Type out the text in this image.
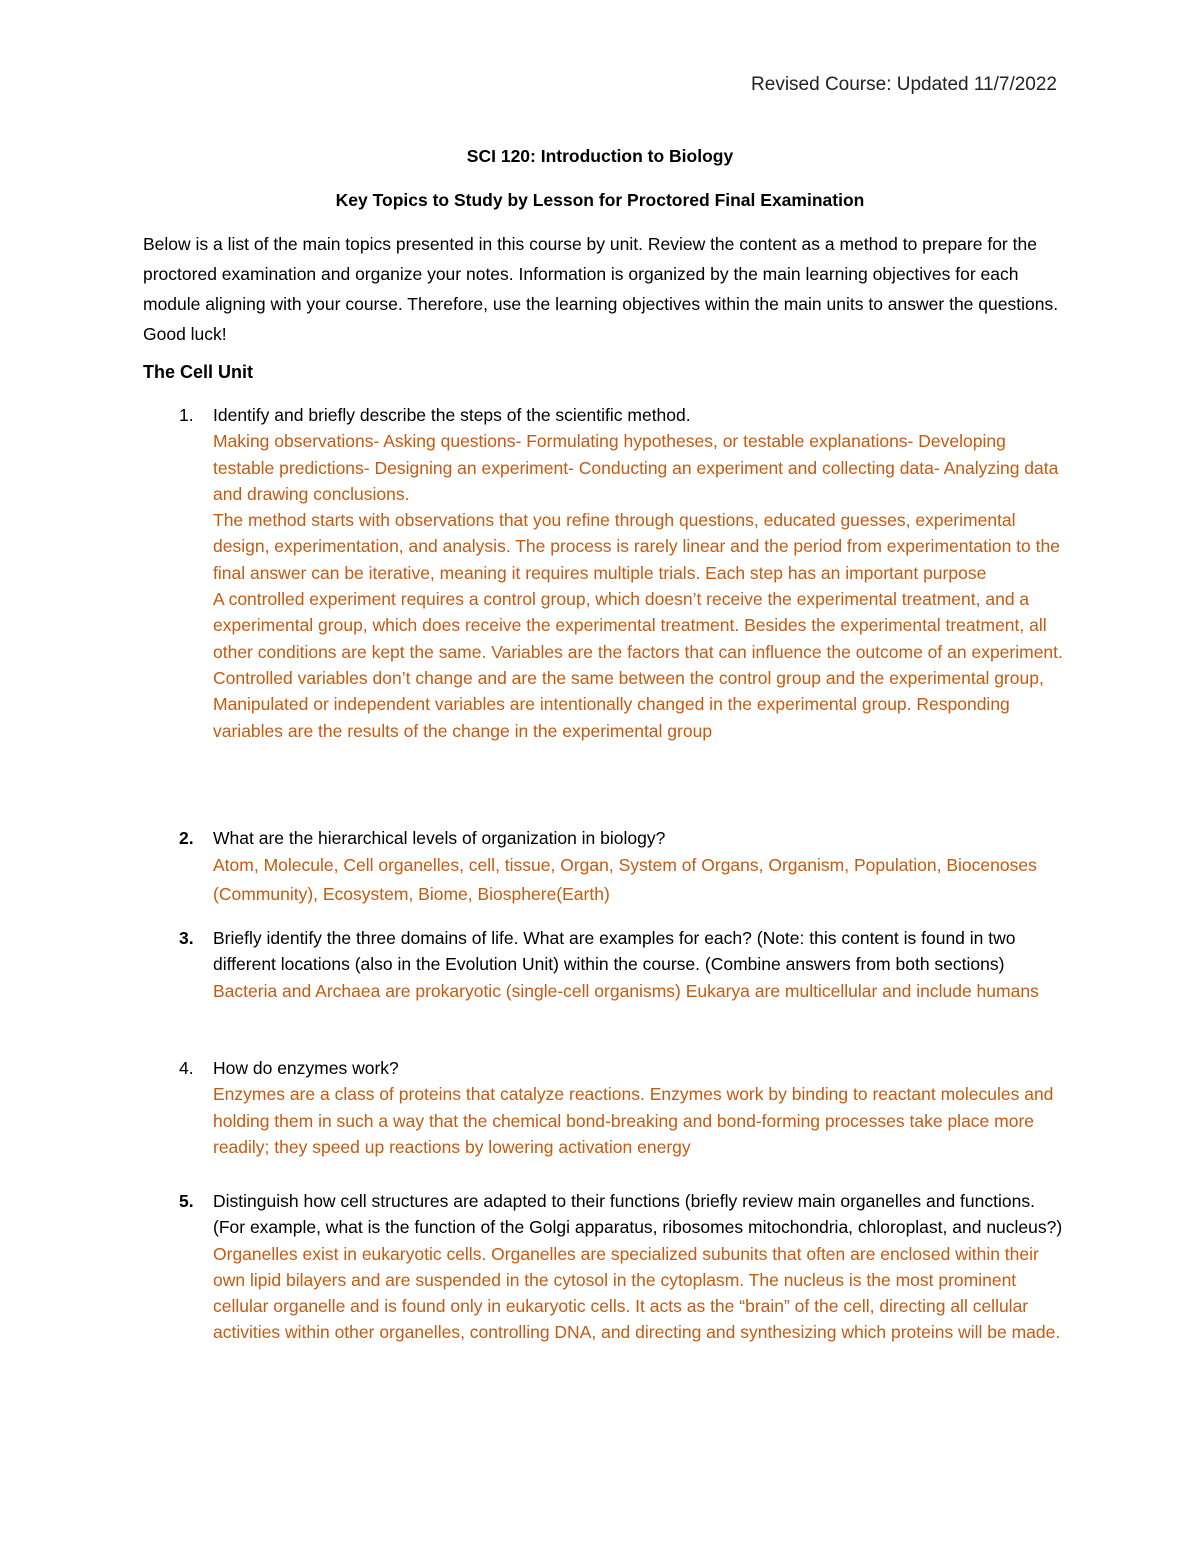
Revised Course: Updated 11/7/2022
SCI 120: Introduction to Biology
Key Topics to Study by Lesson for Proctored Final Examination

Below is a list of the main topics presented in this course by unit. Review the content as a method to prepare for the proctored examination and organize your notes. Information is organized by the main learning objectives for each module aligning with your course. Therefore, use the learning objectives within the main units to answer the questions. Good luck!

The Cell Unit
1.	Identify and briefly describe the steps of the scientific method.
Making observations- Asking questions- Formulating hypotheses, or testable explanations- Developing testable predictions- Designing an experiment- Conducting an experiment and collecting data- Analyzing data and drawing conclusions.
The method starts with observations that you refine through questions, educated guesses, experimental design, experimentation, and analysis. The process is rarely linear and the period from experimentation to the final answer can be iterative, meaning it requires multiple trials. Each step has an important purpose
A controlled experiment requires a control group, which doesn’t receive the experimental treatment, and a experimental group, which does receive the experimental treatment. Besides the experimental treatment, all other conditions are kept the same. Variables are the factors that can influence the outcome of an experiment. Controlled variables don’t change and are the same between the control group and the experimental group, Manipulated or independent variables are intentionally changed in the experimental group. Responding variables are the results of the change in the experimental group
2.	What are the hierarchical levels of organization in biology?
Atom, Molecule, Cell organelles, cell, tissue, Organ, System of Organs, Organism, Population, Biocenoses (Community), Ecosystem, Biome, Biosphere(Earth)
3.	Briefly identify the three domains of life. What are examples for each? (Note: this content is found in two different locations (also in the Evolution Unit) within the course. (Combine answers from both sections)
Bacteria and Archaea are prokaryotic (single-cell organisms) Eukarya are multicellular and include humans
4.	How do enzymes work?
Enzymes are a class of proteins that catalyze reactions. Enzymes work by binding to reactant molecules and holding them in such a way that the chemical bond-breaking and bond-forming processes take place more readily; they speed up reactions by lowering activation energy
5.	Distinguish how cell structures are adapted to their functions (briefly review main organelles and functions. (For example, what is the function of the Golgi apparatus, ribosomes mitochondria, chloroplast, and nucleus?)
Organelles exist in eukaryotic cells. Organelles are specialized subunits that often are enclosed within their own lipid bilayers and are suspended in the cytosol in the cytoplasm. The nucleus is the most prominent cellular organelle and is found only in eukaryotic cells. It acts as the “brain” of the cell, directing all cellular activities within other organelles, controlling DNA, and directing and synthesizing which proteins will be made.
